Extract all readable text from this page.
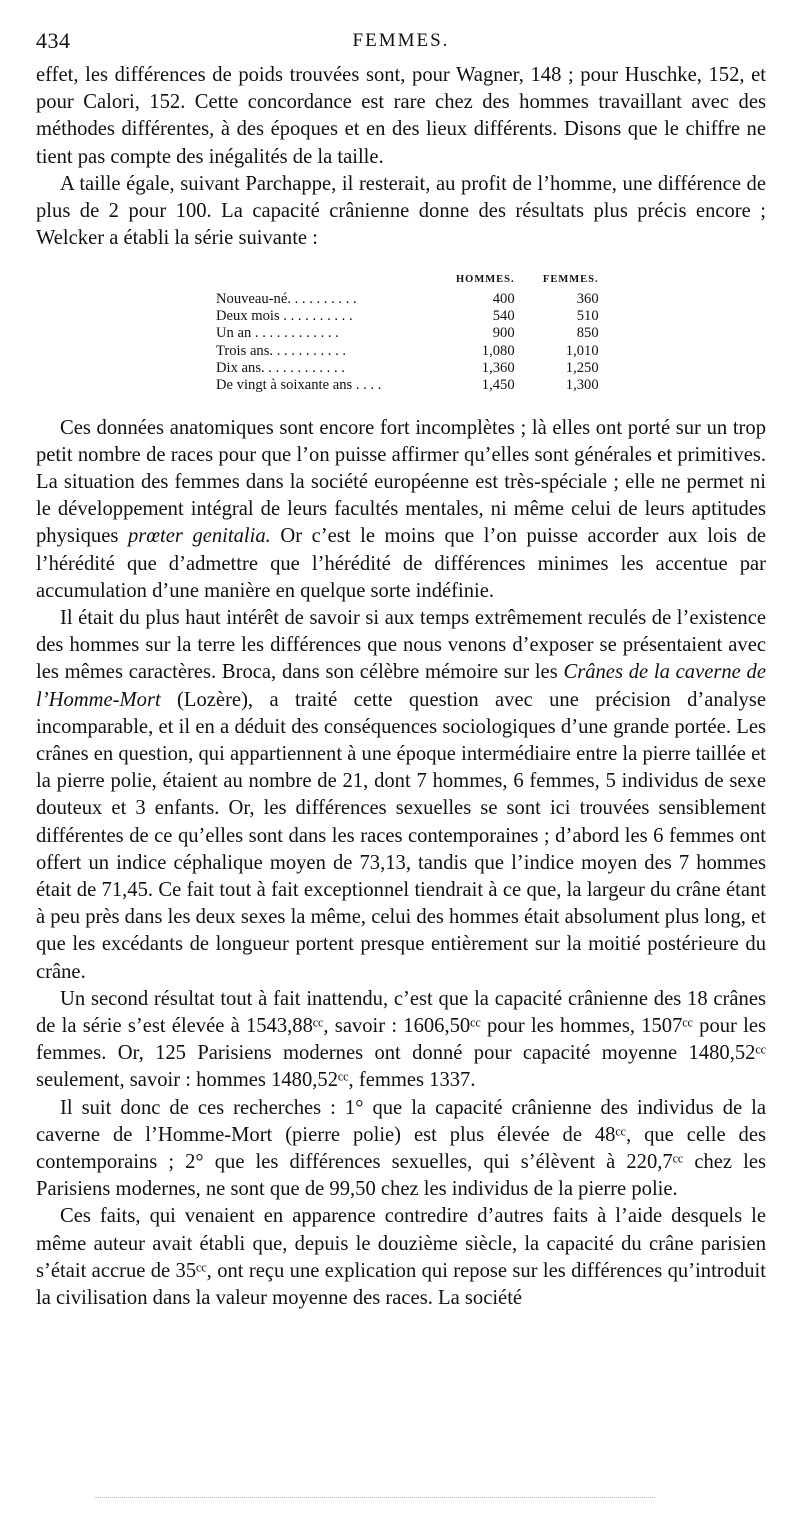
434	FEMMES.

effet, les différences de poids trouvées sont, pour Wagner, 148 ; pour Huschke, 152, et pour Calori, 152. Cette concordance est rare chez des hommes travaillant avec des méthodes différentes, à des époques et en des lieux différents. Disons que le chiffre ne tient pas compte des inégalités de la taille.

A taille égale, suivant Parchappe, il resterait, au profit de l’homme, une différence de plus de 2 pour 100. La capacité crânienne donne des résultats plus précis encore ; Welcker a établi la série suivante :

	HOMMES.	FEMMES.
Nouveau-né. . . . . . . . . .	400	360
Deux mois . . . . . . . . . .	540	510
Un an . . . . . . . . . . . .	900	850
Trois ans. . . . . . . . . . .	1,080	1,010
Dix ans. . . . . . . . . . . .	1,360	1,250
De vingt à soixante ans . . . .	1,450	1,300

Ces données anatomiques sont encore fort incomplètes ; là elles ont porté sur un trop petit nombre de races pour que l’on puisse affirmer qu’elles sont générales et primitives. La situation des femmes dans la société européenne est très-spéciale ; elle ne permet ni le développement intégral de leurs facultés mentales, ni même celui de leurs aptitudes physiques prœter genitalia. Or c’est le moins que l’on puisse accorder aux lois de l’hérédité que d’admettre que l’hérédité de différences minimes les accentue par accumulation d’une manière en quelque sorte indéfinie.

Il était du plus haut intérêt de savoir si aux temps extrêmement reculés de l’existence des hommes sur la terre les différences que nous venons d’exposer se présentaient avec les mêmes caractères. Broca, dans son célèbre mémoire sur les Crânes de la caverne de l’Homme-Mort (Lozère), a traité cette question avec une précision d’analyse incomparable, et il en a déduit des conséquences sociologiques d’une grande portée. Les crânes en question, qui appartiennent à une époque intermédiaire entre la pierre taillée et la pierre polie, étaient au nombre de 21, dont 7 hommes, 6 femmes, 5 individus de sexe douteux et 3 enfants. Or, les différences sexuelles se sont ici trouvées sensiblement différentes de ce qu’elles sont dans les races contemporaines ; d’abord les 6 femmes ont offert un indice céphalique moyen de 73,13, tandis que l’indice moyen des 7 hommes était de 71,45. Ce fait tout à fait exceptionnel tiendrait à ce que, la largeur du crâne étant à peu près dans les deux sexes la même, celui des hommes était absolument plus long, et que les excédants de longueur portent presque entièrement sur la moitié postérieure du crâne.

Un second résultat tout à fait inattendu, c’est que la capacité crânienne des 18 crânes de la série s’est élevée à 1543,88ᶜᶜ, savoir : 1606,50ᶜᶜ pour les hommes, 1507ᶜᶜ pour les femmes. Or, 125 Parisiens modernes ont donné pour capacité moyenne 1480,52ᶜᶜ seulement, savoir : hommes 1480,52ᶜᶜ, femmes 1337.

Il suit donc de ces recherches : 1° que la capacité crânienne des individus de la caverne de l’Homme-Mort (pierre polie) est plus élevée de 48ᶜᶜ, que celle des contemporains ; 2° que les différences sexuelles, qui s’élèvent à 220,7ᶜᶜ chez les Parisiens modernes, ne sont que de 99,50 chez les individus de la pierre polie.

Ces faits, qui venaient en apparence contredire d’autres faits à l’aide desquels le même auteur avait établi que, depuis le douzième siècle, la capacité du crâne parisien s’était accrue de 35ᶜᶜ, ont reçu une explication qui repose sur les différences qu’introduit la civilisation dans la valeur moyenne des races. La société
